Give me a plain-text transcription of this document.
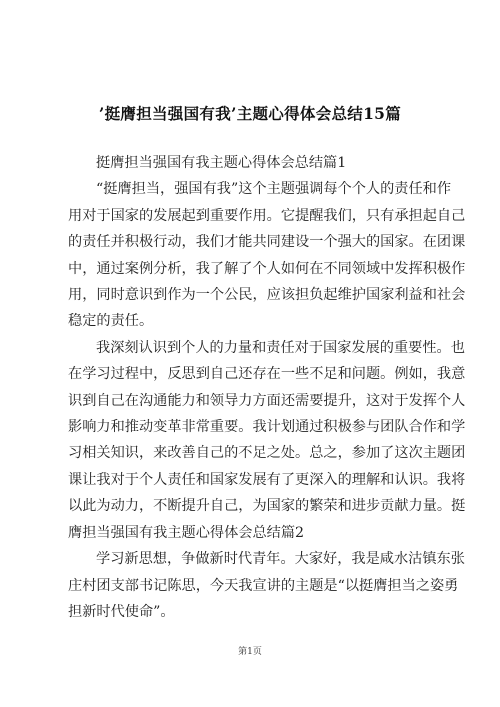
’挺膺担当强国有我’主题心得体会总结15篇
挺膺担当强国有我主题心得体会总结篇1
“挺膺担当，强国有我”这个主题强调每个个人的责任和作
用对于国家的发展起到重要作用。它提醒我们，只有承担起自己
的责任并积极行动，我们才能共同建设一个强大的国家。在团课
中，通过案例分析，我了解了个人如何在不同领域中发挥积极作
用，同时意识到作为一个公民，应该担负起维护国家利益和社会
稳定的责任。
我深刻认识到个人的力量和责任对于国家发展的重要性。也
在学习过程中，反思到自己还存在一些不足和问题。例如，我意
识到自己在沟通能力和领导力方面还需要提升，这对于发挥个人
影响力和推动变革非常重要。我计划通过积极参与团队合作和学
习相关知识，来改善自己的不足之处。总之，参加了这次主题团
课让我对于个人责任和国家发展有了更深入的理解和认识。我将
以此为动力，不断提升自己，为国家的繁荣和进步贡献力量。挺
膺担当强国有我主题心得体会总结篇2
学习新思想，争做新时代青年。大家好，我是咸水沽镇东张
庄村团支部书记陈思，今天我宣讲的主题是“以挺膺担当之姿勇
担新时代使命”。
第1页
